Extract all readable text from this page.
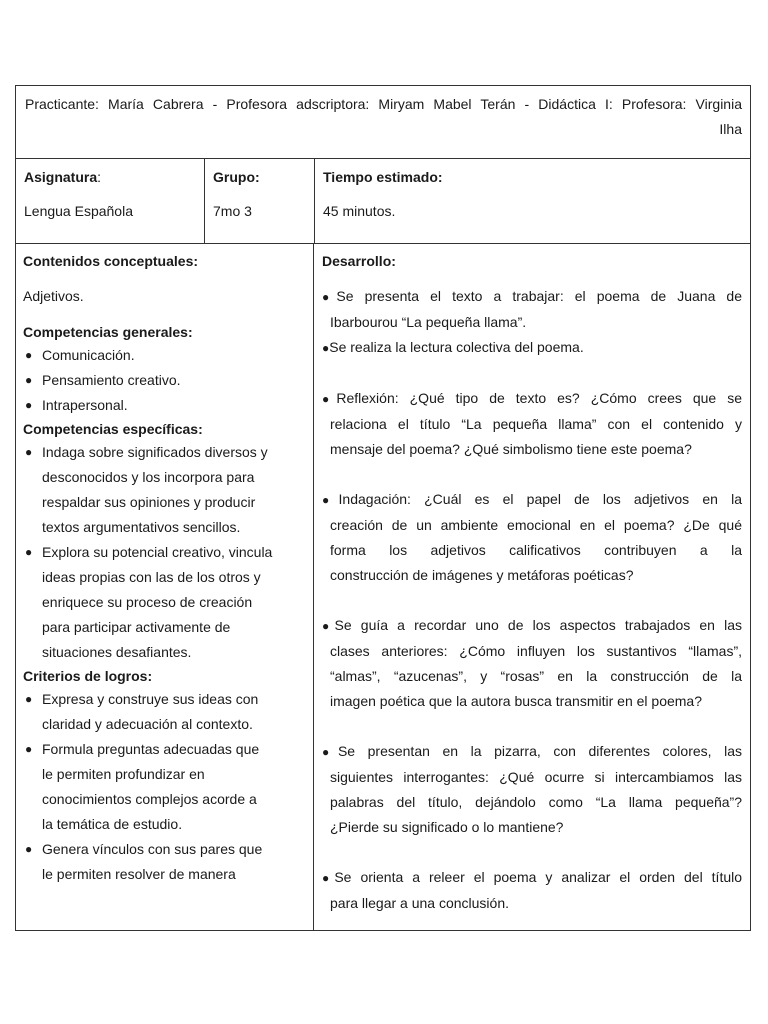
Practicante: María Cabrera - Profesora adscriptora: Miryam Mabel Terán - Didáctica I: Profesora: Virginia
Ilha
Asignatura:
Lengua Española
Grupo:
7mo 3
Tiempo estimado:
45 minutos.
Contenidos conceptuales:
Adjetivos.
Competencias generales:
● Comunicación.
● Pensamiento creativo.
● Intrapersonal.
Competencias específicas:
● Indaga sobre significados diversos y
desconocidos y los incorpora para
respaldar sus opiniones y producir
textos argumentativos sencillos.
● Explora su potencial creativo, vincula
ideas propias con las de los otros y
enriquece su proceso de creación
para participar activamente de
situaciones desafiantes.
Criterios de logros:
● Expresa y construye sus ideas con
claridad y adecuación al contexto.
● Formula preguntas adecuadas que
le permiten profundizar en
conocimientos complejos acorde a
la temática de estudio.
● Genera vínculos con sus pares que
le permiten resolver de manera
Desarrollo:
●Se presenta el texto a trabajar: el poema de Juana de
Ibarbourou “La pequeña llama”.
●Se realiza la lectura colectiva del poema.
●Reflexión: ¿Qué tipo de texto es? ¿Cómo crees que se
relaciona el título “La pequeña llama” con el contenido y
mensaje del poema? ¿Qué simbolismo tiene este poema?
●Indagación: ¿Cuál es el papel de los adjetivos en la
creación de un ambiente emocional en el poema? ¿De qué
forma los adjetivos calificativos contribuyen a la
construcción de imágenes y metáforas poéticas?
●Se guía a recordar uno de los aspectos trabajados en las
clases anteriores: ¿Cómo influyen los sustantivos “llamas”,
“almas”, “azucenas”, y “rosas” en la construcción de la
imagen poética que la autora busca transmitir en el poema?
●Se presentan en la pizarra, con diferentes colores, las
siguientes interrogantes: ¿Qué ocurre si intercambiamos las
palabras del título, dejándolo como “La llama pequeña”?
¿Pierde su significado o lo mantiene?
●Se orienta a releer el poema y analizar el orden del título
para llegar a una conclusión.
